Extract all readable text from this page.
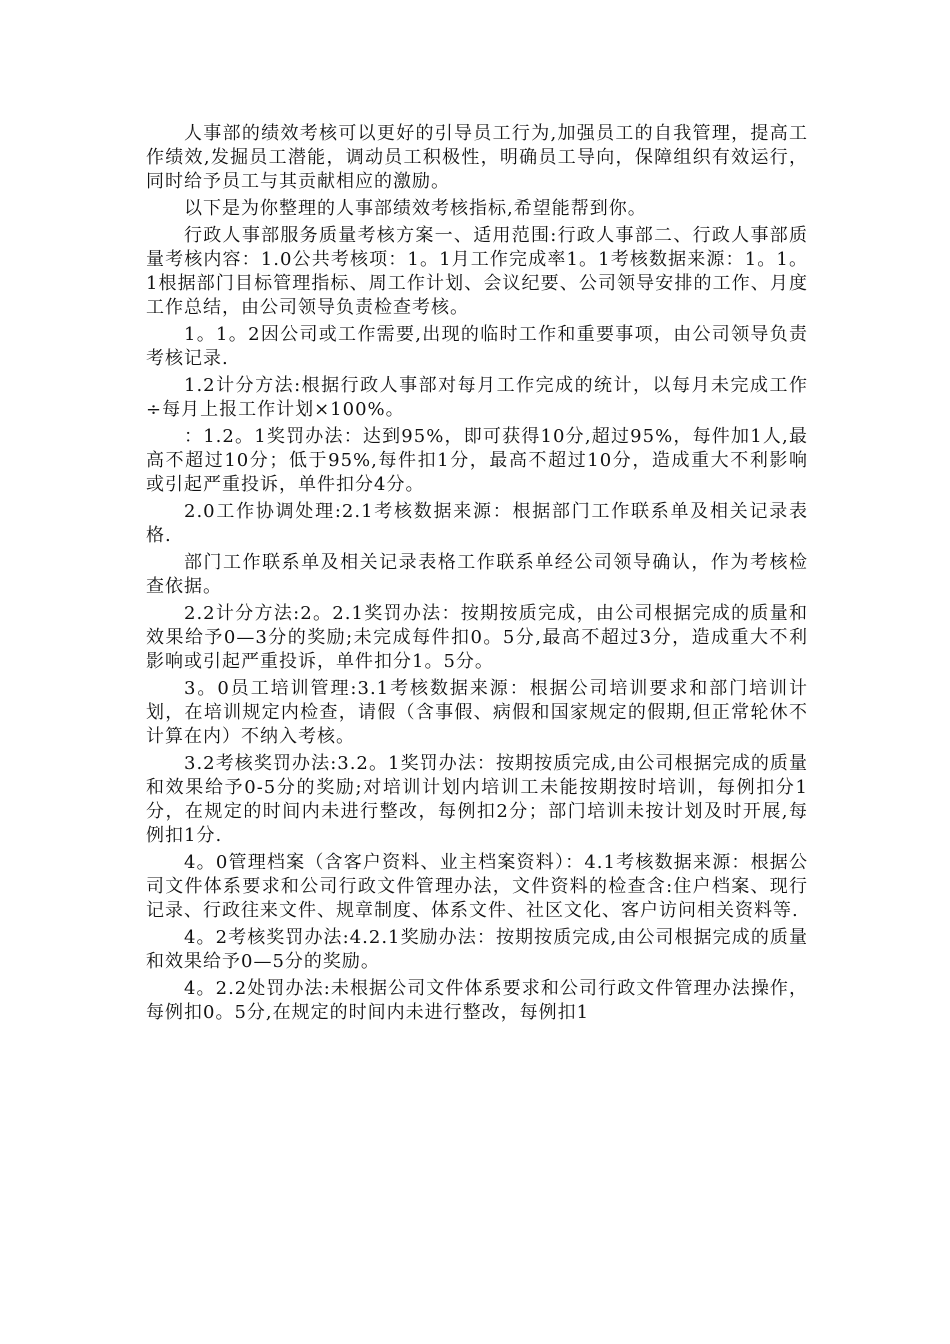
人事部的绩效考核可以更好的引导员工行为,加强员工的自我管理，提高工作绩效,发掘员工潜能，调动员工积极性，明确员工导向，保障组织有效运行，同时给予员工与其贡献相应的激励。

以下是为你整理的人事部绩效考核指标,希望能帮到你。

行政人事部服务质量考核方案一、适用范围:行政人事部二、行政人事部质量考核内容：1.0公共考核项：1。1月工作完成率1。1考核数据来源：1。1。1根据部门目标管理指标、周工作计划、会议纪要、公司领导安排的工作、月度工作总结，由公司领导负责检查考核。

1。1。2因公司或工作需要,出现的临时工作和重要事项，由公司领导负责考核记录.

1.2计分方法:根据行政人事部对每月工作完成的统计，以每月未完成工作÷每月上报工作计划×100%。

：1.2。1奖罚办法：达到95%，即可获得10分,超过95%，每件加1人,最高不超过10分；低于95%,每件扣1分，最高不超过10分，造成重大不利影响或引起严重投诉，单件扣分4分。

2.0工作协调处理:2.1考核数据来源：根据部门工作联系单及相关记录表格.

部门工作联系单及相关记录表格工作联系单经公司领导确认，作为考核检查依据。

2.2计分方法:2。2.1奖罚办法：按期按质完成，由公司根据完成的质量和效果给予0—3分的奖励;未完成每件扣0。5分,最高不超过3分，造成重大不利影响或引起严重投诉，单件扣分1。5分。

3。0员工培训管理:3.1考核数据来源：根据公司培训要求和部门培训计划，在培训规定内检查，请假（含事假、病假和国家规定的假期,但正常轮休不计算在内）不纳入考核。

3.2考核奖罚办法:3.2。1奖罚办法：按期按质完成,由公司根据完成的质量和效果给予0-5分的奖励;对培训计划内培训工未能按期按时培训，每例扣分1分，在规定的时间内未进行整改，每例扣2分；部门培训未按计划及时开展,每例扣1分.

4。0管理档案（含客户资料、业主档案资料）：4.1考核数据来源：根据公司文件体系要求和公司行政文件管理办法，文件资料的检查含:住户档案、现行记录、行政往来文件、规章制度、体系文件、社区文化、客户访问相关资料等.

4。2考核奖罚办法:4.2.1奖励办法：按期按质完成,由公司根据完成的质量和效果给予0—5分的奖励。

4。2.2处罚办法:未根据公司文件体系要求和公司行政文件管理办法操作，每例扣0。5分,在规定的时间内未进行整改，每例扣1
